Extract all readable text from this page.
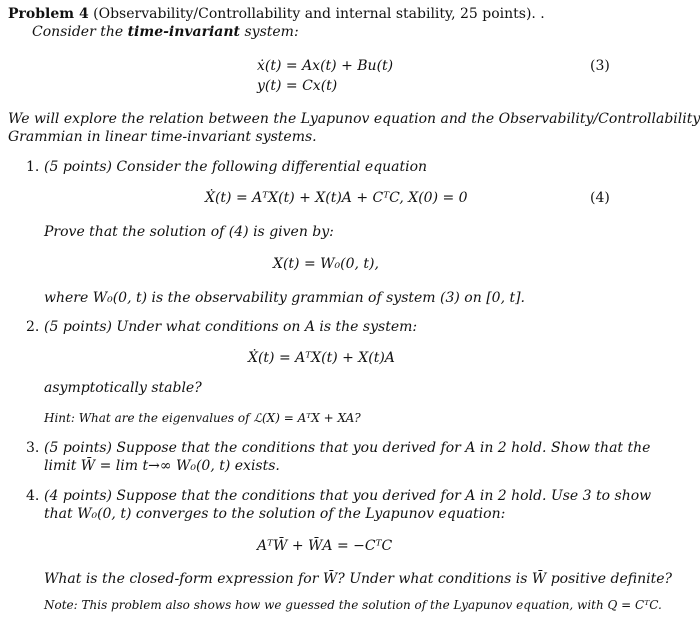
Problem 4 (Observability/Controllability and internal stability, 25 points). .
Consider the time-invariant system:
ẋ(t) = Ax(t) + Bu(t)
y(t) = Cx(t)
(3)
We will explore the relation between the Lyapunov equation and the Observability/Controllability
Grammian in linear time-invariant systems.
1. (5 points) Consider the following differential equation
Ẋ(t) = AᵀX(t) + X(t)A + CᵀC, X(0) = 0	(4)
Prove that the solution of (4) is given by:
X(t) = W₀(0, t),
where W₀(0, t) is the observability grammian of system (3) on [0, t].
2. (5 points) Under what conditions on A is the system:
Ẋ(t) = AᵀX(t) + X(t)A
asymptotically stable?
Hint: What are the eigenvalues of ℒ(X) = AᵀX + XA?
3. (5 points) Suppose that the conditions that you derived for A in 2 hold. Show that the
limit W̄ = lim t→∞ W₀(0, t) exists.
4. (4 points) Suppose that the conditions that you derived for A in 2 hold. Use 3 to show
that W₀(0, t) converges to the solution of the Lyapunov equation:
AᵀW̄ + W̄A = −CᵀC
What is the closed-form expression for W̄? Under what conditions is W̄ positive definite?
Note: This problem also shows how we guessed the solution of the Lyapunov equation, with Q = CᵀC.
